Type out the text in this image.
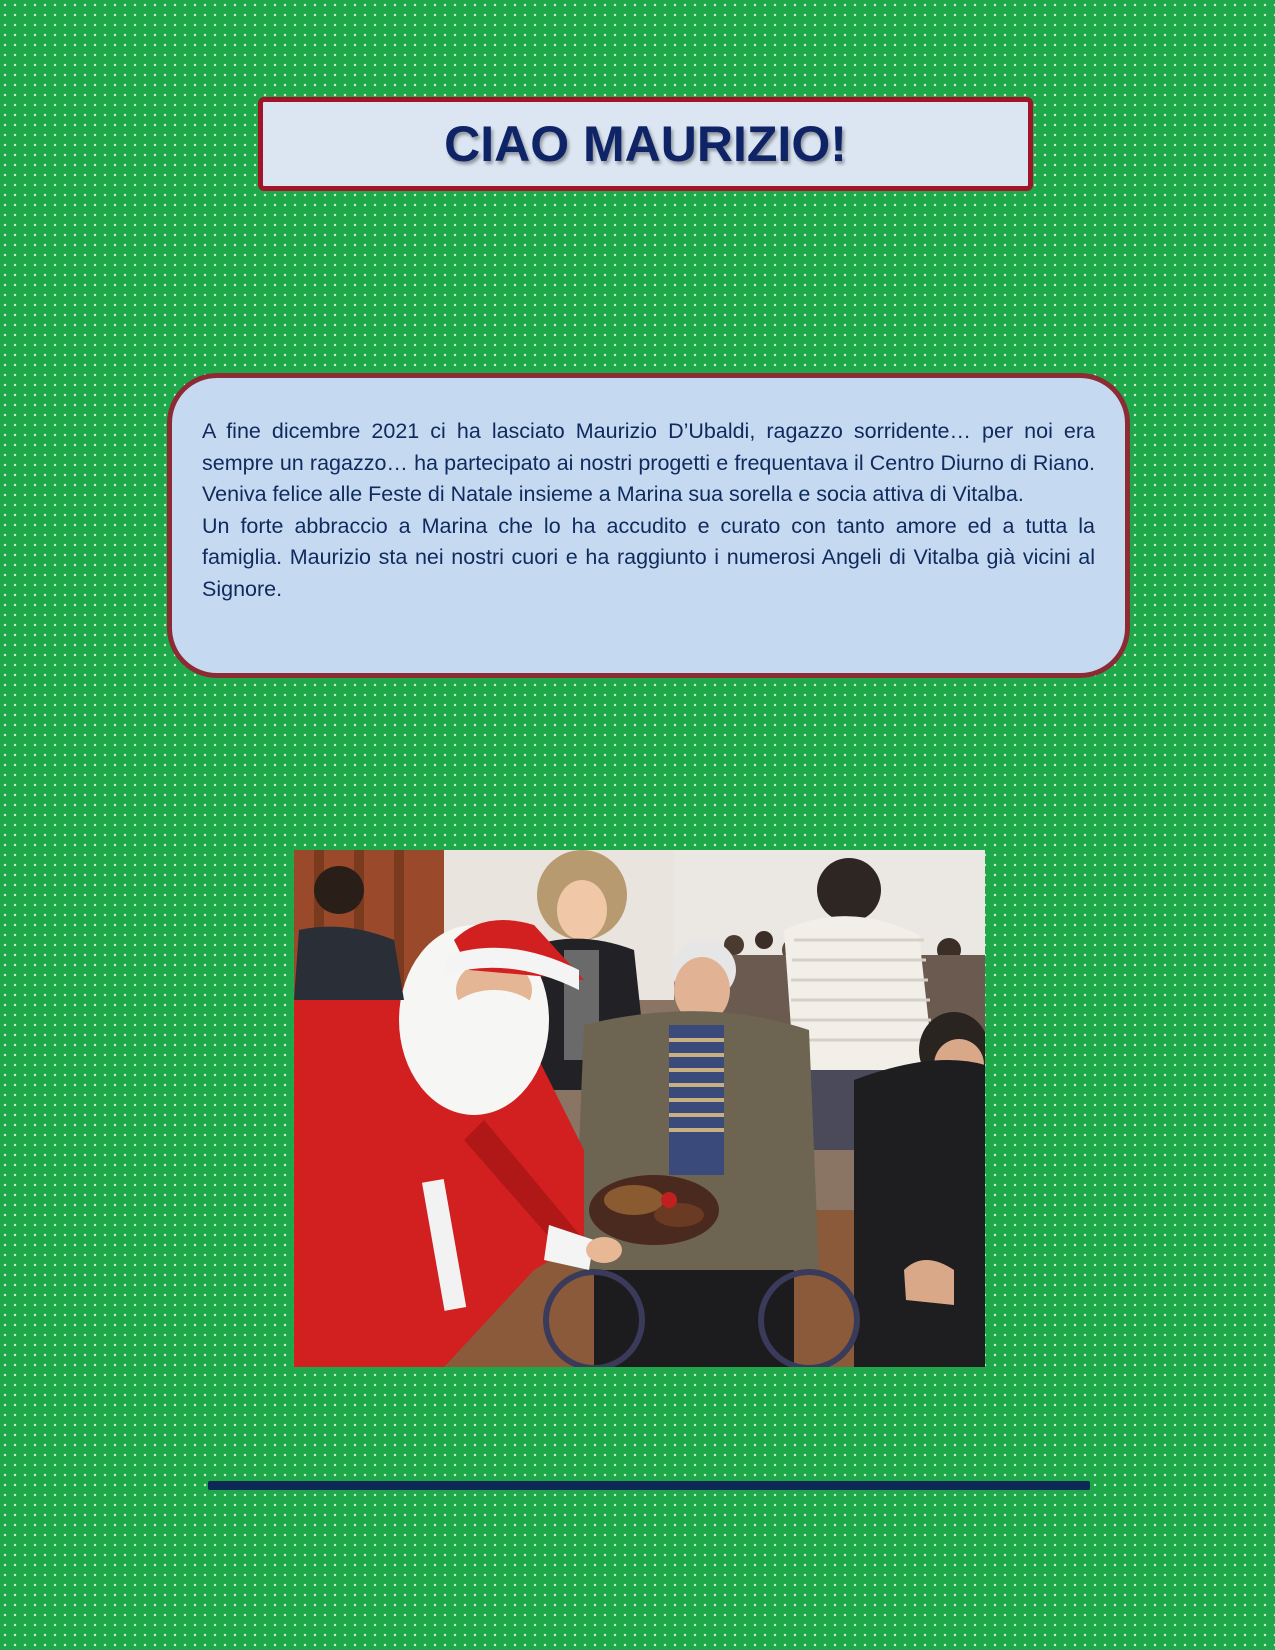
CIAO MAURIZIO!

A fine dicembre 2021 ci ha lasciato Maurizio D’Ubaldi, ragazzo sorridente… per noi era sempre un ragazzo… ha partecipato ai nostri progetti e frequentava il Centro Diurno di Riano. Veniva felice alle Feste di Natale insieme a Marina sua sorella e socia attiva di Vitalba.

Un forte abbraccio a Marina che lo ha accudito e curato con tanto amore ed a tutta la famiglia. Maurizio sta nei nostri cuori e ha raggiunto i numerosi Angeli di Vitalba già vicini al Signore.
